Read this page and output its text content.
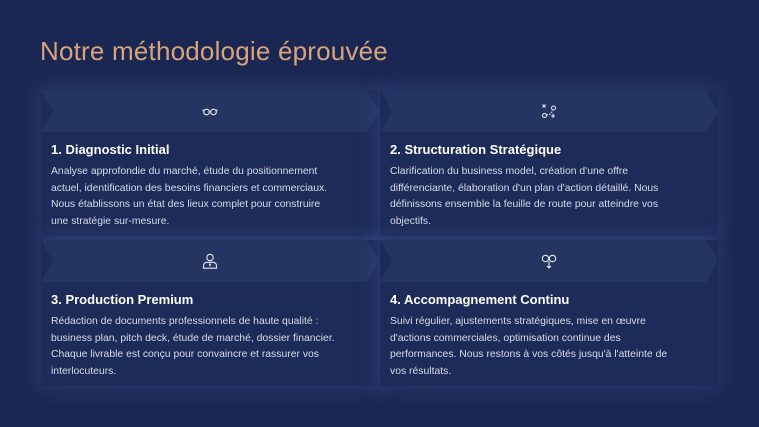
Notre méthodologie éprouvée
1. Diagnostic Initial
Analyse approfondie du marché, étude du positionnement
actuel, identification des besoins financiers et commerciaux.
Nous établissons un état des lieux complet pour construire
une stratégie sur-mesure.
2. Structuration Stratégique
Clarification du business model, création d'une offre
différenciante, élaboration d'un plan d'action détaillé. Nous
définissons ensemble la feuille de route pour atteindre vos
objectifs.
3. Production Premium
Rédaction de documents professionnels de haute qualité :
business plan, pitch deck, étude de marché, dossier financier.
Chaque livrable est conçu pour convaincre et rassurer vos
interlocuteurs.
4. Accompagnement Continu
Suivi régulier, ajustements stratégiques, mise en œuvre
d'actions commerciales, optimisation continue des
performances. Nous restons à vos côtés jusqu'à l'atteinte de
vos résultats.
